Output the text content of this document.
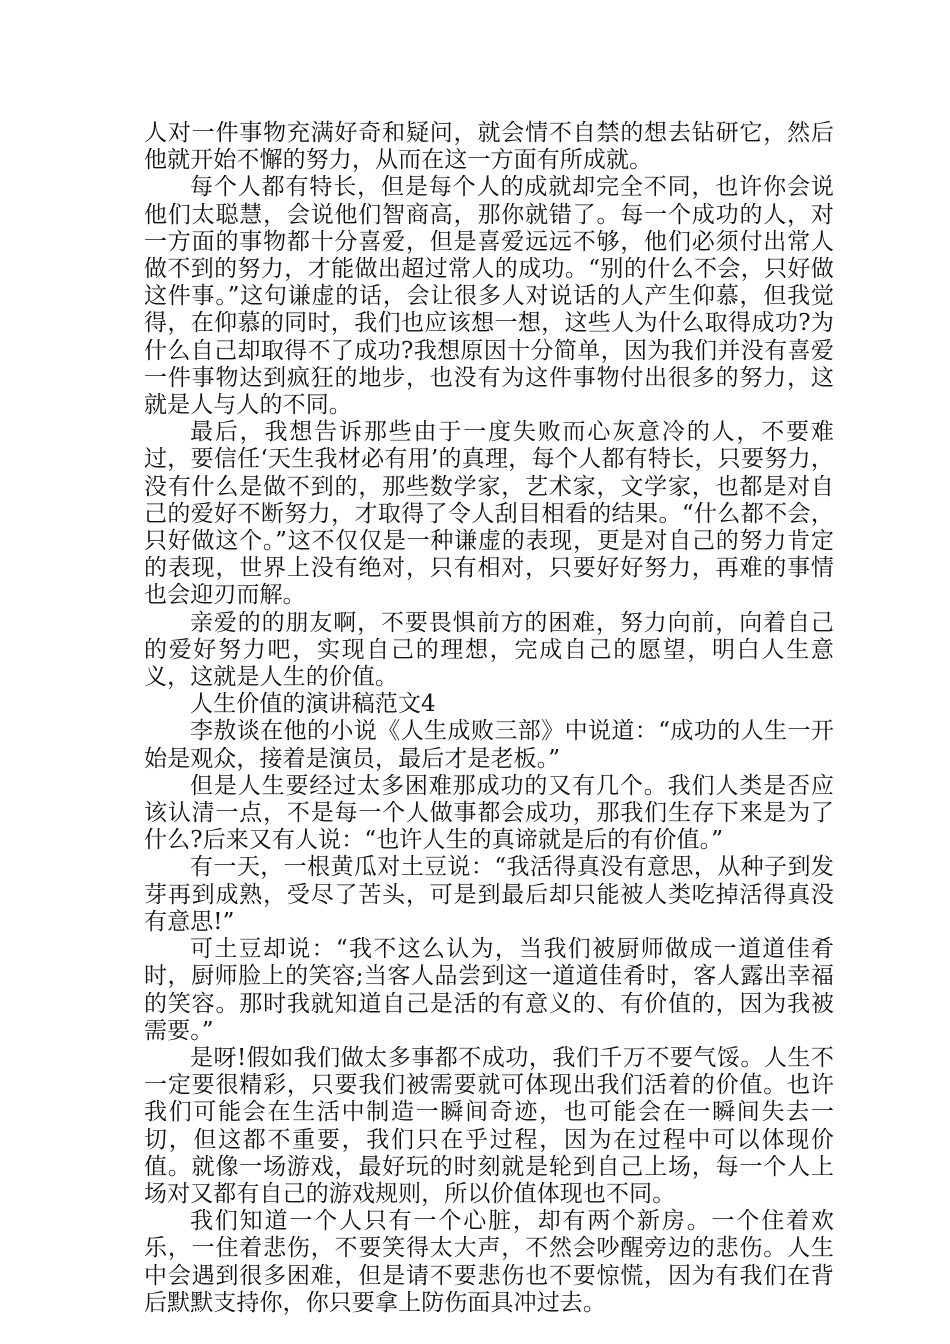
人对一件事物充满好奇和疑问，就会情不自禁的想去钻研它，然后他就开始不懈的努力，从而在这一方面有所成就。

每个人都有特长，但是每个人的成就却完全不同，也许你会说他们太聪慧，会说他们智商高，那你就错了。每一个成功的人，对一方面的事物都十分喜爱，但是喜爱远远不够，他们必须付出常人做不到的努力，才能做出超过常人的成功。“别的什么不会，只好做这件事。”这句谦虚的话，会让很多人对说话的人产生仰慕，但我觉得，在仰慕的同时，我们也应该想一想，这些人为什么取得成功?为什么自己却取得不了成功?我想原因十分简单，因为我们并没有喜爱一件事物达到疯狂的地步，也没有为这件事物付出很多的努力，这就是人与人的不同。

最后，我想告诉那些由于一度失败而心灰意冷的人，不要难过，要信任‘天生我材必有用’的真理，每个人都有特长，只要努力，没有什么是做不到的，那些数学家，艺术家，文学家，也都是对自己的爱好不断努力，才取得了令人刮目相看的结果。“什么都不会，只好做这个。”这不仅仅是一种谦虚的表现，更是对自己的努力肯定的表现，世界上没有绝对，只有相对，只要好好努力，再难的事情也会迎刃而解。

亲爱的的朋友啊，不要畏惧前方的困难，努力向前，向着自己的爱好努力吧，实现自己的理想，完成自己的愿望，明白人生意义，这就是人生的价值。

人生价值的演讲稿范文4

李敖谈在他的小说《人生成败三部》中说道：“成功的人生一开始是观众，接着是演员，最后才是老板。”

但是人生要经过太多困难那成功的又有几个。我们人类是否应该认清一点，不是每一个人做事都会成功，那我们生存下来是为了什么?后来又有人说：“也许人生的真谛就是后的有价值。”

有一天，一根黄瓜对土豆说：“我活得真没有意思，从种子到发芽再到成熟，受尽了苦头，可是到最后却只能被人类吃掉活得真没有意思!”

可土豆却说：“我不这么认为，当我们被厨师做成一道道佳肴时，厨师脸上的笑容;当客人品尝到这一道道佳肴时，客人露出幸福的笑容。那时我就知道自己是活的有意义的、有价值的，因为我被需要。”

是呀!假如我们做太多事都不成功，我们千万不要气馁。人生不一定要很精彩，只要我们被需要就可体现出我们活着的价值。也许我们可能会在生活中制造一瞬间奇迹，也可能会在一瞬间失去一切，但这都不重要，我们只在乎过程，因为在过程中可以体现价值。就像一场游戏，最好玩的时刻就是轮到自己上场，每一个人上场对又都有自己的游戏规则，所以价值体现也不同。

我们知道一个人只有一个心脏，却有两个新房。一个住着欢乐，一住着悲伤，不要笑得太大声，不然会吵醒旁边的悲伤。人生中会遇到很多困难，但是请不要悲伤也不要惊慌，因为有我们在背后默默支持你，你只要拿上防伤面具冲过去。
